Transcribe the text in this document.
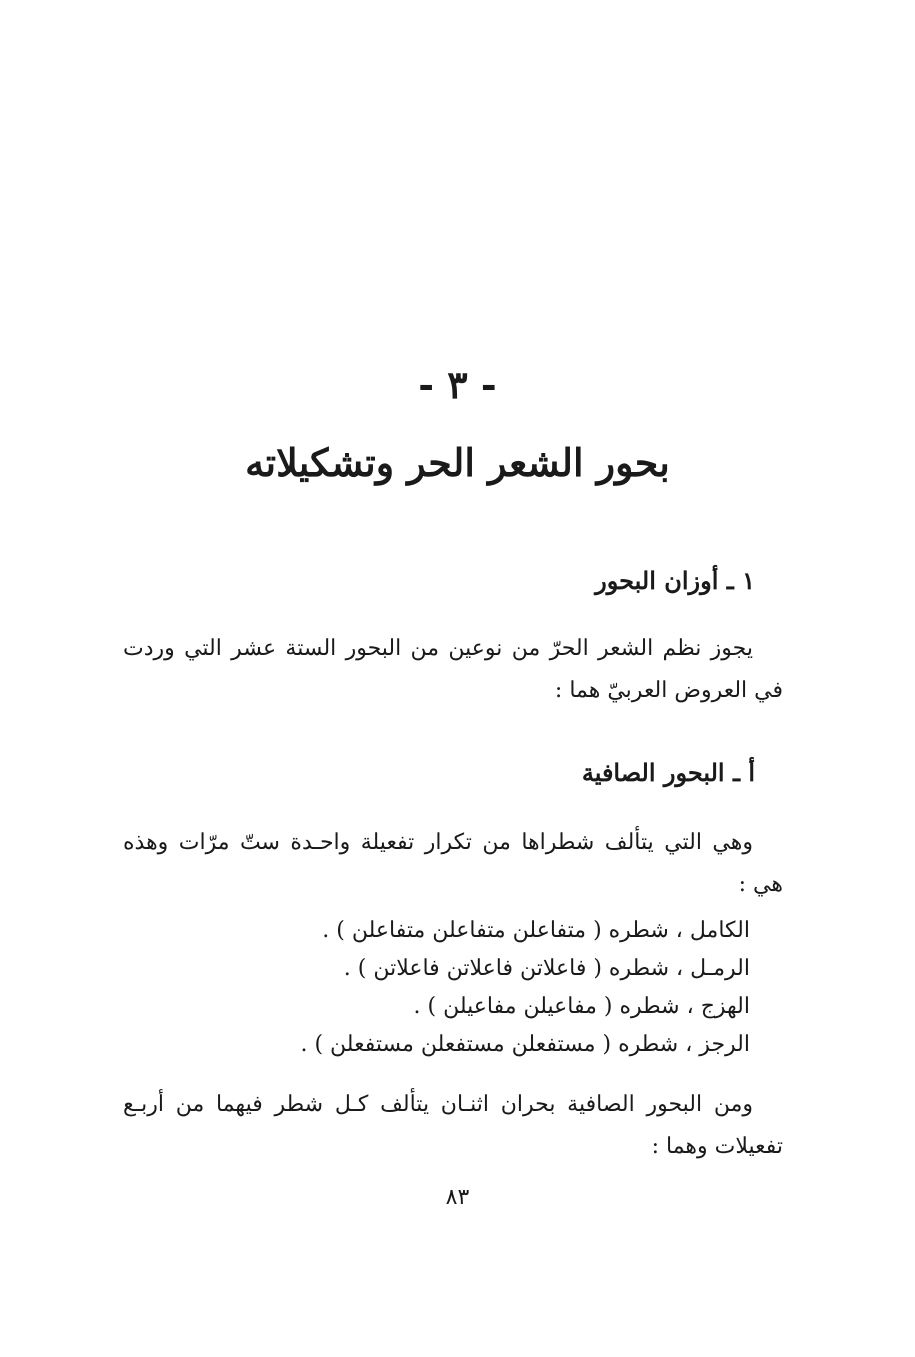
- ٣ -
بحور الشعر الحر وتشكيلاته
١ ـ أوزان البحور
يجوز نظم الشعر الحرّ من نوعين من البحور الستة عشر التي وردت في العروض العربيّ هما :
أ ـ البحور الصافية
وهي التي يتألف شطراها من تكرار تفعيلة واحـدة ستّ مرّات وهذه هي :
الكامل ، شطره ( متفاعلن متفاعلن متفاعلن ) .
الرمـل ، شطره ( فاعلاتن فاعلاتن فاعلاتن ) .
الهزج ، شطره ( مفاعيلن مفاعيلن ) .
الرجز ، شطره ( مستفعلن مستفعلن مستفعلن ) .
ومن البحور الصافية بحران اثنـان يتألف كـل شطر فيهما من أربـع تفعيلات وهما :
٨٣
